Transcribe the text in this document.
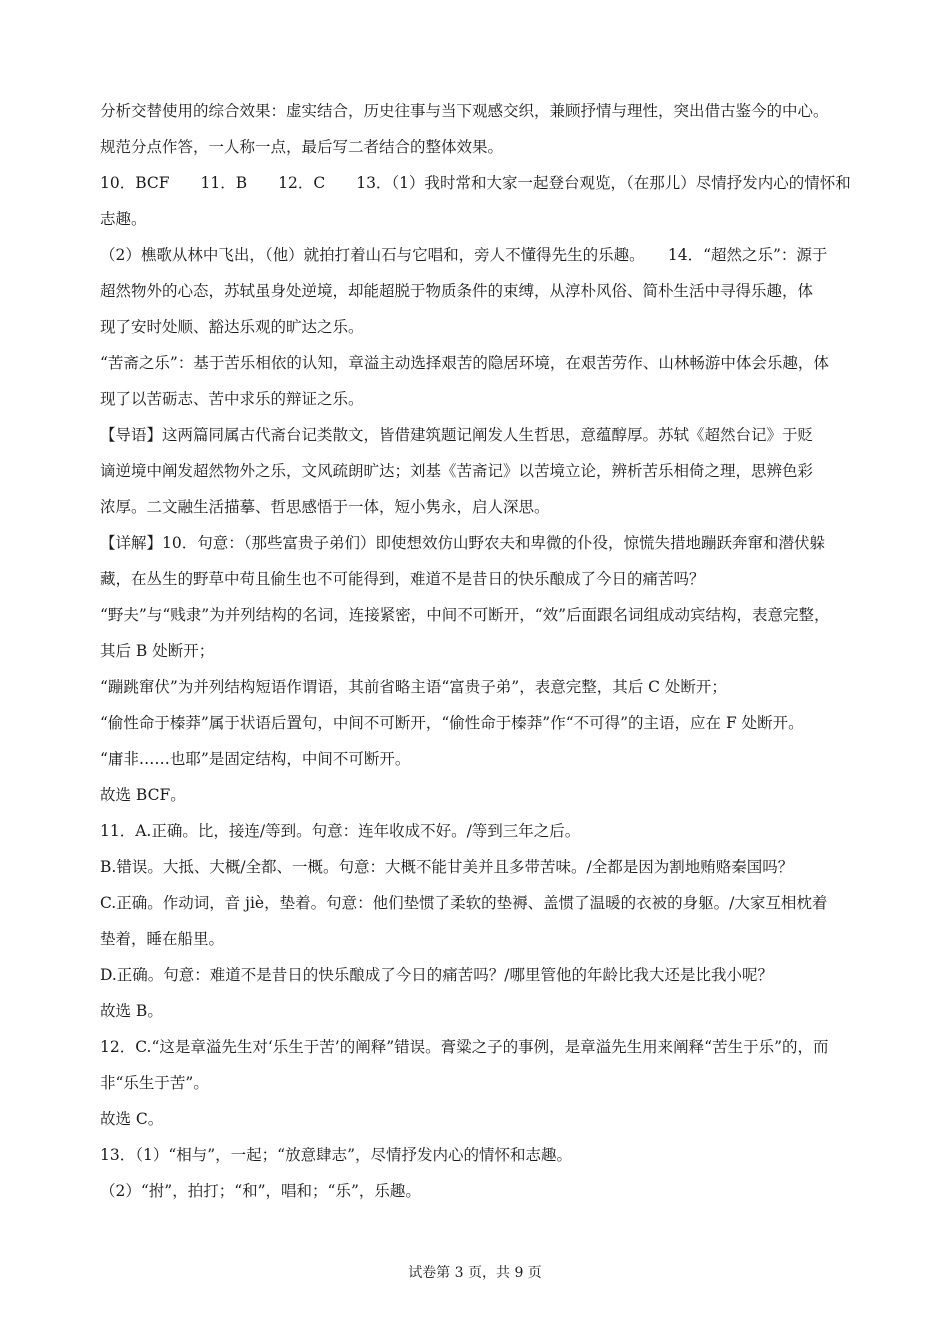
分析交替使用的综合效果：虚实结合，历史往事与当下观感交织，兼顾抒情与理性，突出借古鉴今的中心。
规范分点作答，一人称一点，最后写二者结合的整体效果。
10．BCF　　11．B　　12．C　　13．（1）我时常和大家一起登台观览，（在那儿）尽情抒发内心的情怀和
志趣。
（2）樵歌从林中飞出，（他）就拍打着山石与它唱和，旁人不懂得先生的乐趣。　　14．“超然之乐”：源于
超然物外的心态，苏轼虽身处逆境，却能超脱于物质条件的束缚，从淳朴风俗、简朴生活中寻得乐趣，体
现了安时处顺、豁达乐观的旷达之乐。
“苦斋之乐”：基于苦乐相依的认知，章溢主动选择艰苦的隐居环境，在艰苦劳作、山林畅游中体会乐趣，体
现了以苦砺志、苦中求乐的辩证之乐。
【导语】这两篇同属古代斋台记类散文，皆借建筑题记阐发人生哲思，意蕴醇厚。苏轼《超然台记》于贬
谪逆境中阐发超然物外之乐，文风疏朗旷达；刘基《苦斋记》以苦境立论，辨析苦乐相倚之理，思辨色彩
浓厚。二文融生活描摹、哲思感悟于一体，短小隽永，启人深思。
【详解】10．句意：（那些富贵子弟们）即使想效仿山野农夫和卑微的仆役，惊慌失措地蹦跃奔窜和潜伏躲
藏，在丛生的野草中苟且偷生也不可能得到，难道不是昔日的快乐酿成了今日的痛苦吗？
“野夫”与“贱隶”为并列结构的名词，连接紧密，中间不可断开，“效”后面跟名词组成动宾结构，表意完整，
其后 B 处断开；
“蹦跳窜伏”为并列结构短语作谓语，其前省略主语“富贵子弟”，表意完整，其后 C 处断开；
“偷性命于榛莽”属于状语后置句，中间不可断开，“偷性命于榛莽”作“不可得”的主语，应在 F 处断开。
“庸非……也耶”是固定结构，中间不可断开。
故选 BCF。
11．A.正确。比，接连/等到。句意：连年收成不好。/等到三年之后。
B.错误。大抵、大概/全都、一概。句意：大概不能甘美并且多带苦味。/全都是因为割地贿赂秦国吗？
C.正确。作动词，音 jiè，垫着。句意：他们垫惯了柔软的垫褥、盖惯了温暖的衣被的身躯。/大家互相枕着
垫着，睡在船里。
D.正确。句意：难道不是昔日的快乐酿成了今日的痛苦吗？/哪里管他的年龄比我大还是比我小呢？
故选 B。
12．C.“这是章溢先生对‘乐生于苦’的阐释”错误。膏粱之子的事例，是章溢先生用来阐释“苦生于乐”的，而
非“乐生于苦”。
故选 C。
13．（1）“相与”，一起；“放意肆志”，尽情抒发内心的情怀和志趣。
（2）“拊”，拍打；“和”，唱和；“乐”，乐趣。
试卷第 3 页，共 9 页
